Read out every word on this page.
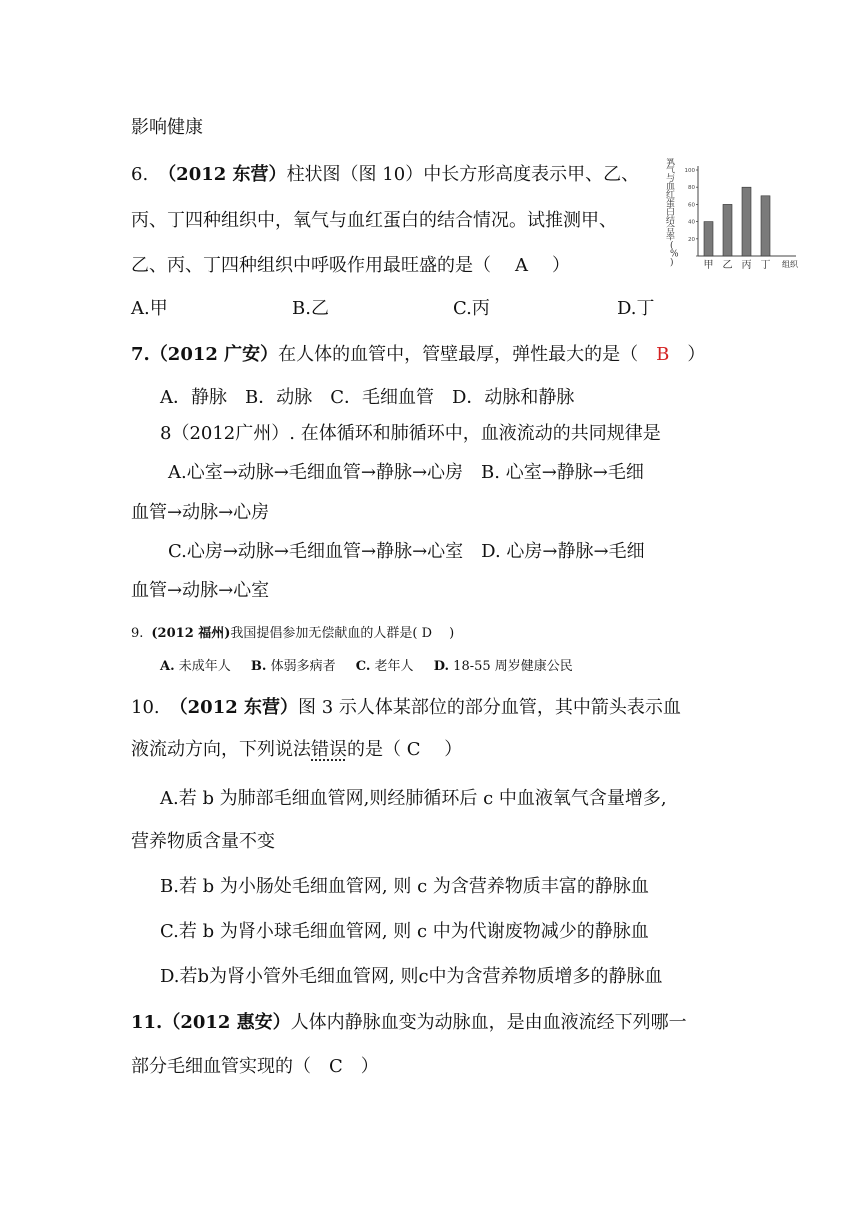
影响健康
6. （2012 东营）柱状图（图 10）中长方形高度表示甲、乙、
丙、丁四种组织中，氧气与血红蛋白的结合情况。试推测甲、
乙、丙、丁四种组织中呼吸作用最旺盛的是（ A ）
A.甲	B.乙	C.丙	D.丁
7.（2012 广安）在人体的血管中，管壁最厚，弹性最大的是（ B ）
A．静脉　B．动脉　C．毛细血管　D．动脉和静脉
8（2012广州）. 在体循环和肺循环中，血液流动的共同规律是
A.心室→动脉→毛细血管→静脉→心房　B. 心室→静脉→毛细
血管→动脉→心房
C.心房→动脉→毛细血管→静脉→心室　D. 心房→静脉→毛细
血管→动脉→心室
9. (2012 福州)我国提倡参加无偿献血的人群是( D　 )
A. 未成年人 B. 体弱多病者 C. 老年人 D. 18-55 周岁健康公民
10. （2012 东营）图 3 示人体某部位的部分血管，其中箭头表示血
液流动方向，下列说法错误的是（ C　 ）
A.若 b 为肺部毛细血管网,则经肺循环后 c 中血液氧气含量增多,
营养物质含量不变
B.若 b 为小肠处毛细血管网, 则 c 为含营养物质丰富的静脉血
C.若 b 为肾小球毛细血管网, 则 c 中为代谢废物减少的静脉血
D.若b为肾小管外毛细血管网, 则c中为含营养物质增多的静脉血
11.（2012 惠安）人体内静脉血变为动脉血，是由血液流经下列哪一
部分毛细血管实现的（　C　）
氧气与血红蛋白结合率( % )
20
40
60
80
100
甲 乙 丙 丁 组织
